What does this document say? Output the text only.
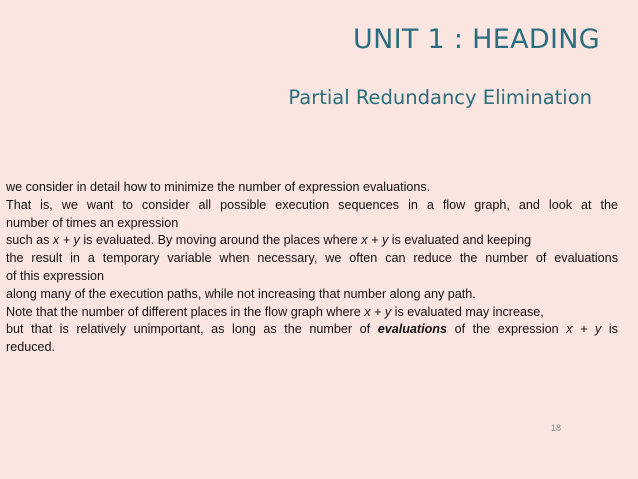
UNIT 1 : HEADING
Partial Redundancy Elimination
we consider in detail how to minimize the number of expression evaluations.
That is, we want to consider all possible execution sequences in a flow graph, and look at the
number of times an expression
such as x + y is evaluated. By moving around the places where x + y is evaluated and keeping
the result in a temporary variable when necessary, we often can reduce the number of evaluations
of this expression
along many of the execution paths, while not increasing that number along any path.
Note that the number of different places in the flow graph where x + y is evaluated may increase,
but that is relatively unimportant, as long as the number of evaluations of the expression x + y is
reduced.
18
